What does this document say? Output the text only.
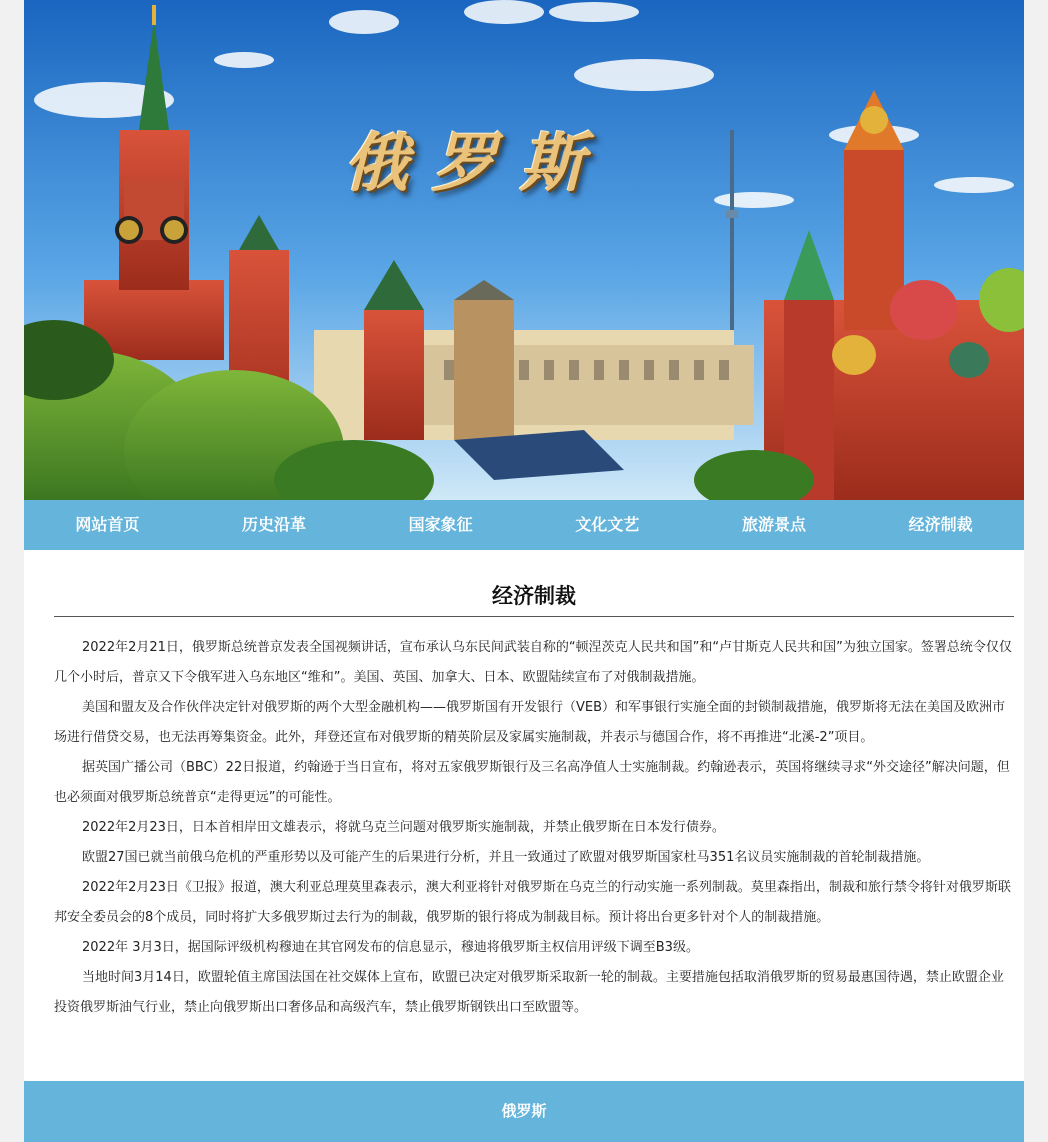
俄罗斯
网站首页	历史沿革	国家象征	文化文艺	旅游景点	经济制裁
经济制裁

2022年2月21日，俄罗斯总统普京发表全国视频讲话，宣布承认乌东民间武装自称的“顿涅茨克人民共和国”和“卢甘斯克人民共和国”为独立国家。签署总统令仅仅几个小时后，普京又下令俄军进入乌东地区“维和”。美国、英国、加拿大、日本、欧盟陆续宣布了对俄制裁措施。

美国和盟友及合作伙伴决定针对俄罗斯的两个大型金融机构——俄罗斯国有开发银行（VEB）和军事银行实施全面的封锁制裁措施，俄罗斯将无法在美国及欧洲市场进行借贷交易，也无法再筹集资金。此外，拜登还宣布对俄罗斯的精英阶层及家属实施制裁，并表示与德国合作，将不再推进“北溪-2”项目。

据英国广播公司（BBC）22日报道，约翰逊于当日宣布，将对五家俄罗斯银行及三名高净值人士实施制裁。约翰逊表示，英国将继续寻求“外交途径”解决问题，但也必须面对俄罗斯总统普京“走得更远”的可能性。

2022年2月23日，日本首相岸田文雄表示，将就乌克兰问题对俄罗斯实施制裁，并禁止俄罗斯在日本发行债券。

欧盟27国已就当前俄乌危机的严重形势以及可能产生的后果进行分析，并且一致通过了欧盟对俄罗斯国家杜马351名议员实施制裁的首轮制裁措施。

2022年2月23日《卫报》报道，澳大利亚总理莫里森表示，澳大利亚将针对俄罗斯在乌克兰的行动实施一系列制裁。莫里森指出，制裁和旅行禁令将针对俄罗斯联邦安全委员会的8个成员，同时将扩大多俄罗斯过去行为的制裁，俄罗斯的银行将成为制裁目标。预计将出台更多针对个人的制裁措施。

2022年 3月3日，据国际评级机构穆迪在其官网发布的信息显示，穆迪将俄罗斯主权信用评级下调至B3级。

当地时间3月14日，欧盟轮值主席国法国在社交媒体上宣布，欧盟已决定对俄罗斯采取新一轮的制裁。主要措施包括取消俄罗斯的贸易最惠国待遇，禁止欧盟企业投资俄罗斯油气行业，禁止向俄罗斯出口奢侈品和高级汽车，禁止俄罗斯钢铁出口至欧盟等。

俄罗斯
